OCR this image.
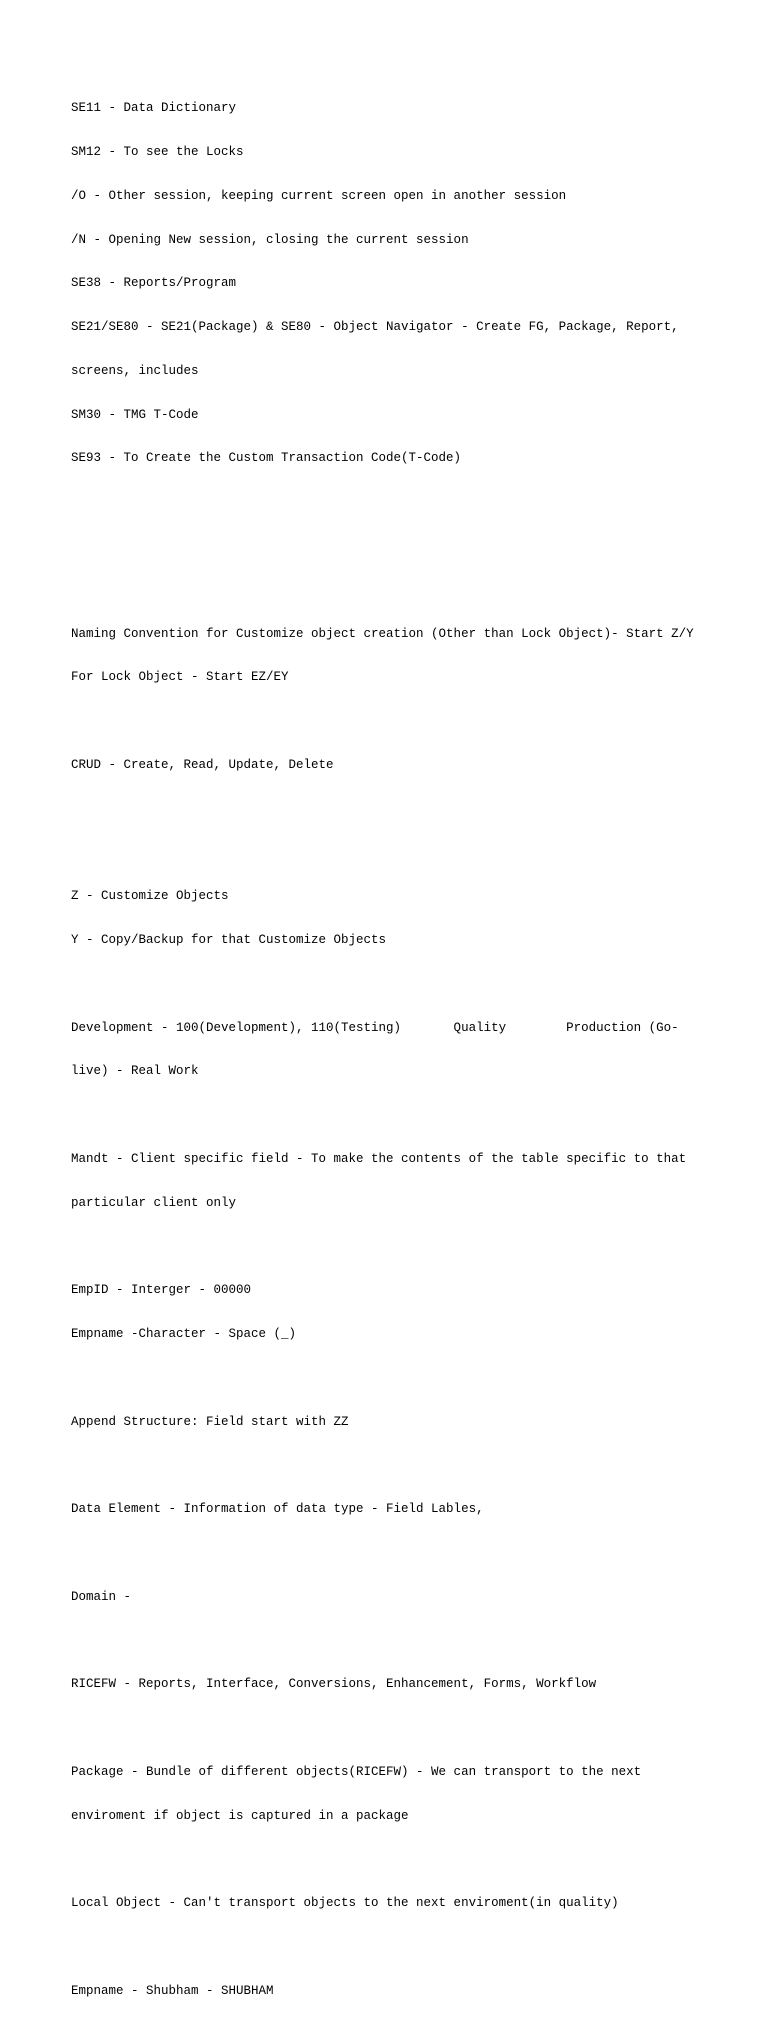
SE11 - Data Dictionary

SM12 - To see the Locks

/O - Other session, keeping current screen open in another session

/N - Opening New session, closing the current session

SE38 - Reports/Program

SE21/SE80 - SE21(Package) & SE80 - Object Navigator - Create FG, Package, Report,

screens, includes

SM30 - TMG T-Code

SE93 - To Create the Custom Transaction Code(T-Code)

Naming Convention for Customize object creation (Other than Lock Object)- Start Z/Y

For Lock Object - Start EZ/EY

CRUD - Create, Read, Update, Delete

Z - Customize Objects

Y - Copy/Backup for that Customize Objects

Development - 100(Development), 110(Testing)       Quality        Production (Go-

live) - Real Work

Mandt - Client specific field - To make the contents of the table specific to that

particular client only

EmpID - Interger - 00000

Empname -Character - Space (_)

Append Structure: Field start with ZZ

Data Element - Information of data type - Field Lables,

Domain -

RICEFW - Reports, Interface, Conversions, Enhancement, Forms, Workflow

Package - Bundle of different objects(RICEFW) - We can transport to the next

enviroment if object is captured in a package

Local Object - Can't transport objects to the next enviroment(in quality)

Empname - Shubham - SHUBHAM
